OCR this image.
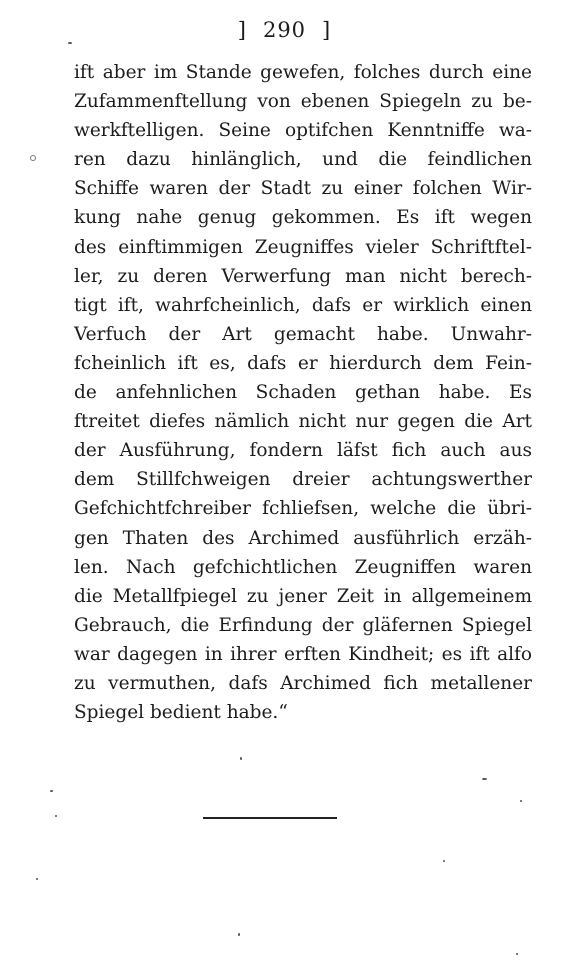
] 290 ]
ift aber im Stande gewefen, folches durch eine
Zufammenftellung von ebenen Spiegeln zu be-
werkftelligen. Seine optifchen Kenntniffe wa-
ren dazu hinlänglich, und die feindlichen
Schiffe waren der Stadt zu einer folchen Wir-
kung nahe genug gekommen. Es ift wegen
des einftimmigen Zeugniffes vieler Schriftftel-
ler, zu deren Verwerfung man nicht berech-
tigt ift, wahrfcheinlich, dafs er wirklich einen
Verfuch der Art gemacht habe. Unwahr-
fcheinlich ift es, dafs er hierdurch dem Fein-
de anfehnlichen Schaden gethan habe. Es
ftreitet diefes nämlich nicht nur gegen die Art
der Ausführung, fondern läfst fich auch aus
dem Stillfchweigen dreier achtungswerther
Gefchichtfchreiber fchliefsen, welche die übri-
gen Thaten des Archimed ausführlich erzäh-
len. Nach gefchichtlichen Zeugniffen waren
die Metallfpiegel zu jener Zeit in allgemeinem
Gebrauch, die Erfindung der gläfernen Spiegel
war dagegen in ihrer erften Kindheit; es ift alfo
zu vermuthen, dafs Archimed fich metallener
Spiegel bedient habe.“
